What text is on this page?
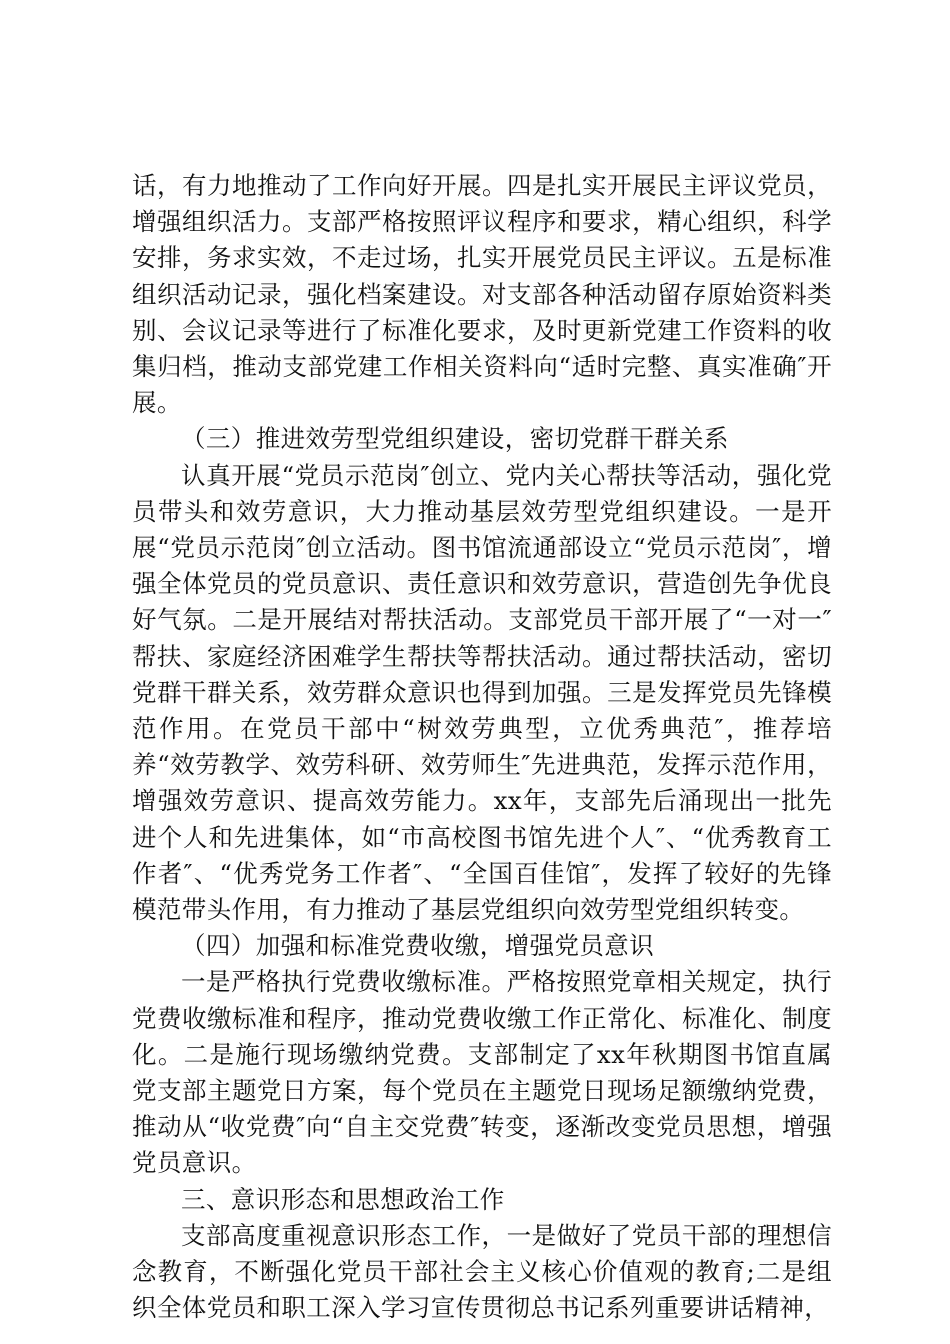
话，有力地推动了工作向好开展。四是扎实开展民主评议党员，增强组织活力。支部严格按照评议程序和要求，精心组织，科学安排，务求实效，不走过场，扎实开展党员民主评议。五是标准组织活动记录，强化档案建设。对支部各种活动留存原始资料类别、会议记录等进行了标准化要求，及时更新党建工作资料的收集归档，推动支部党建工作相关资料向“适时完整、真实准确″开展。

（三）推进效劳型党组织建设，密切党群干群关系

认真开展“党员示范岗″创立、党内关心帮扶等活动，强化党员带头和效劳意识，大力推动基层效劳型党组织建设。一是开展“党员示范岗″创立活动。图书馆流通部设立“党员示范岗″，增强全体党员的党员意识、责任意识和效劳意识，营造创先争优良好气氛。二是开展结对帮扶活动。支部党员干部开展了“一对一″帮扶、家庭经济困难学生帮扶等帮扶活动。通过帮扶活动，密切党群干群关系，效劳群众意识也得到加强。三是发挥党员先锋模范作用。在党员干部中“树效劳典型，立优秀典范″，推荐培养“效劳教学、效劳科研、效劳师生″先进典范，发挥示范作用，增强效劳意识、提高效劳能力。xx年，支部先后涌现出一批先进个人和先进集体，如“市高校图书馆先进个人″、“优秀教育工作者″、“优秀党务工作者″、“全国百佳馆″，发挥了较好的先锋模范带头作用，有力推动了基层党组织向效劳型党组织转变。

（四）加强和标准党费收缴，增强党员意识

一是严格执行党费收缴标准。严格按照党章相关规定，执行党费收缴标准和程序，推动党费收缴工作正常化、标准化、制度化。二是施行现场缴纳党费。支部制定了xx年秋期图书馆直属党支部主题党日方案，每个党员在主题党日现场足额缴纳党费，推动从“收党费″向“自主交党费″转变，逐渐改变党员思想，增强党员意识。

三、意识形态和思想政治工作

支部高度重视意识形态工作，一是做好了党员干部的理想信念教育，不断强化党员干部社会主义核心价值观的教育;二是组织全体党员和职工深入学习宣传贯彻总书记系列重要讲话精神，
